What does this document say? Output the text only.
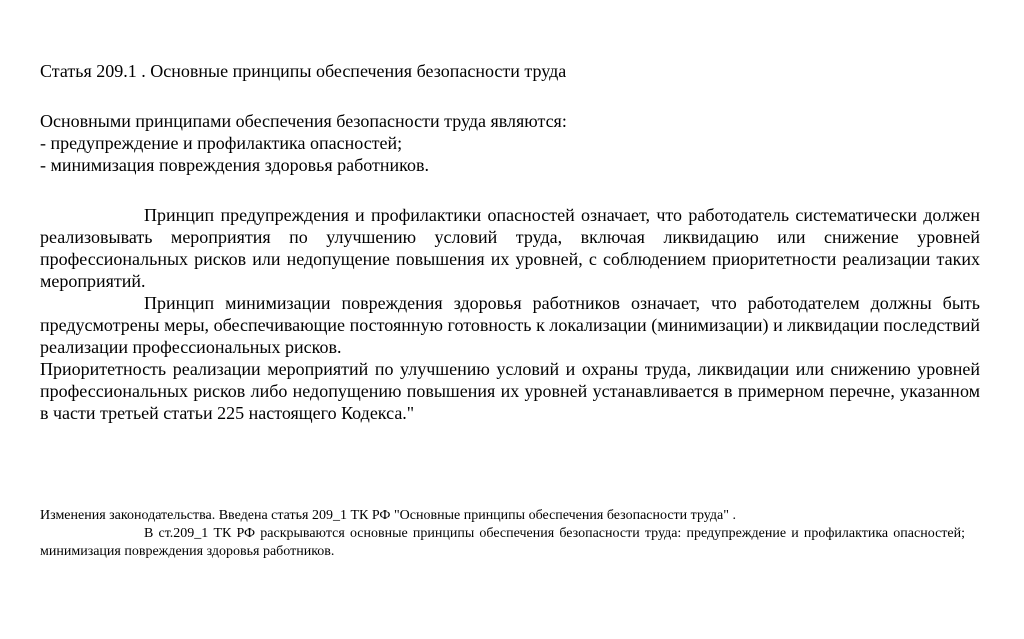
Статья 209.1 . Основные принципы обеспечения безопасности труда
Основными принципами обеспечения безопасности труда являются:
- предупреждение и профилактика опасностей;
- минимизация повреждения здоровья работников.

Принцип предупреждения и профилактики опасностей означает, что работодатель систематически должен реализовывать мероприятия по улучшению условий труда, включая ликвидацию или снижение уровней профессиональных рисков или недопущение повышения их уровней, с соблюдением приоритетности реализации таких мероприятий.

Принцип минимизации повреждения здоровья работников означает, что работодателем должны быть предусмотрены меры, обеспечивающие постоянную готовность к локализации (минимизации) и ликвидации последствий реализации профессиональных рисков.

Приоритетность реализации мероприятий по улучшению условий и охраны труда, ликвидации или снижению уровней профессиональных рисков либо недопущению повышения их уровней устанавливается в примерном перечне, указанном в части третьей статьи 225 настоящего Кодекса."

Изменения законодательства. Введена статья 209_1 ТК РФ "Основные принципы обеспечения безопасности труда" .

В ст.209_1 ТК РФ раскрываются основные принципы обеспечения безопасности труда: предупреждение и профилактика опасностей; минимизация повреждения здоровья работников.
